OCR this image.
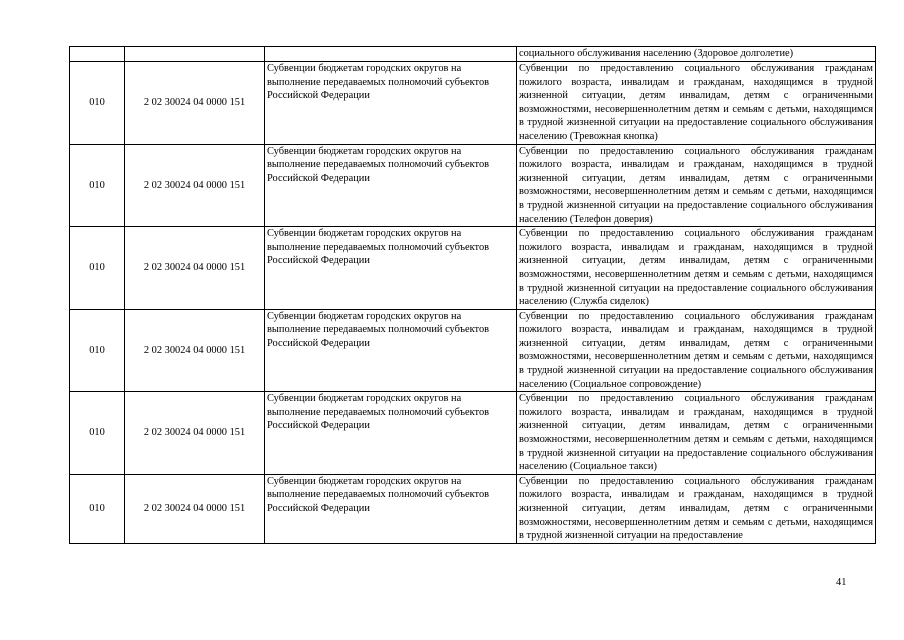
			социального обслуживания населению (Здоровое долголетие)
010	2 02 30024 04 0000 151	Субвенции бюджетам городских округов на выполнение передаваемых полномочий субъектов Российской Федерации	Субвенции по предоставлению социального обслуживания гражданам пожилого возраста, инвалидам и гражданам, находящимся в трудной жизненной ситуации, детям инвалидам, детям с ограниченными возможностями, несовершеннолетним детям и семьям с детьми, находящимся в трудной жизненной ситуации на предоставление социального обслуживания населению (Тревожная кнопка)
010	2 02 30024 04 0000 151	Субвенции бюджетам городских округов на выполнение передаваемых полномочий субъектов Российской Федерации	Субвенции по предоставлению социального обслуживания гражданам пожилого возраста, инвалидам и гражданам, находящимся в трудной жизненной ситуации, детям инвалидам, детям с ограниченными возможностями, несовершеннолетним детям и семьям с детьми, находящимся в трудной жизненной ситуации на предоставление социального обслуживания населению (Телефон доверия)
010	2 02 30024 04 0000 151	Субвенции бюджетам городских округов на выполнение передаваемых полномочий субъектов Российской Федерации	Субвенции по предоставлению социального обслуживания гражданам пожилого возраста, инвалидам и гражданам, находящимся в трудной жизненной ситуации, детям инвалидам, детям с ограниченными возможностями, несовершеннолетним детям и семьям с детьми, находящимся в трудной жизненной ситуации на предоставление социального обслуживания населению (Служба сиделок)
010	2 02 30024 04 0000 151	Субвенции бюджетам городских округов на выполнение передаваемых полномочий субъектов Российской Федерации	Субвенции по предоставлению социального обслуживания гражданам пожилого возраста, инвалидам и гражданам, находящимся в трудной жизненной ситуации, детям инвалидам, детям с ограниченными возможностями, несовершеннолетним детям и семьям с детьми, находящимся в трудной жизненной ситуации на предоставление социального обслуживания населению (Социальное сопровождение)
010	2 02 30024 04 0000 151	Субвенции бюджетам городских округов на выполнение передаваемых полномочий субъектов Российской Федерации	Субвенции по предоставлению социального обслуживания гражданам пожилого возраста, инвалидам и гражданам, находящимся в трудной жизненной ситуации, детям инвалидам, детям с ограниченными возможностями, несовершеннолетним детям и семьям с детьми, находящимся в трудной жизненной ситуации на предоставление социального обслуживания населению (Социальное такси)
010	2 02 30024 04 0000 151	Субвенции бюджетам городских округов на выполнение передаваемых полномочий субъектов Российской Федерации	Субвенции по предоставлению социального обслуживания гражданам пожилого возраста, инвалидам и гражданам, находящимся в трудной жизненной ситуации, детям инвалидам, детям с ограниченными возможностями, несовершеннолетним детям и семьям с детьми, находящимся в трудной жизненной ситуации на предоставление
41
